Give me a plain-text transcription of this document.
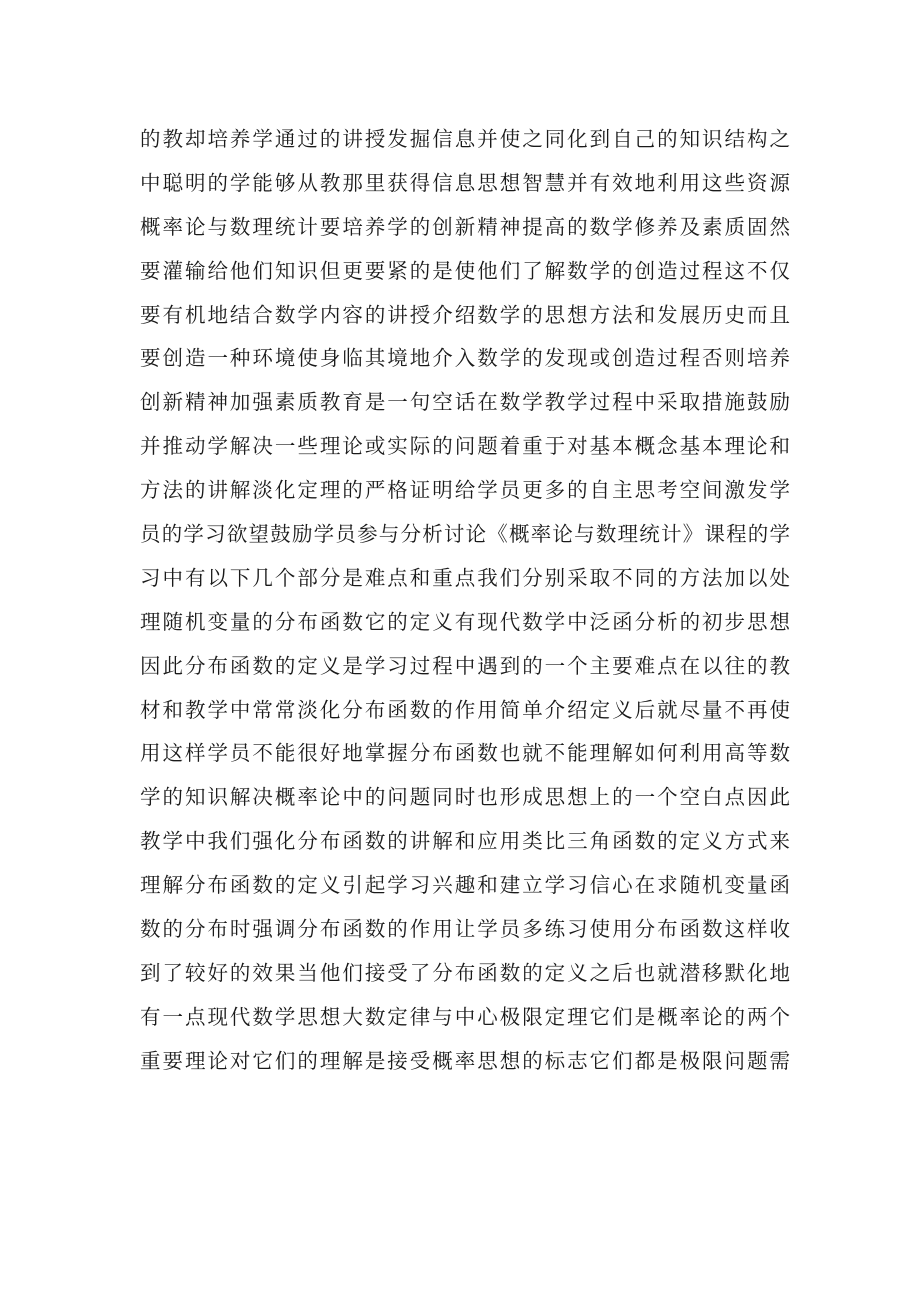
的教却培养学通过的讲授发掘信息并使之同化到自己的知识结构之
中聪明的学能够从教那里获得信息思想智慧并有效地利用这些资源
概率论与数理统计要培养学的创新精神提高的数学修养及素质固然
要灌输给他们知识但更要紧的是使他们了解数学的创造过程这不仅
要有机地结合数学内容的讲授介绍数学的思想方法和发展历史而且
要创造一种环境使身临其境地介入数学的发现或创造过程否则培养
创新精神加强素质教育是一句空话在数学教学过程中采取措施鼓励
并推动学解决一些理论或实际的问题着重于对基本概念基本理论和
方法的讲解淡化定理的严格证明给学员更多的自主思考空间激发学
员的学习欲望鼓励学员参与分析讨论《概率论与数理统计》课程的学
习中有以下几个部分是难点和重点我们分别采取不同的方法加以处
理随机变量的分布函数它的定义有现代数学中泛函分析的初步思想
因此分布函数的定义是学习过程中遇到的一个主要难点在以往的教
材和教学中常常淡化分布函数的作用简单介绍定义后就尽量不再使
用这样学员不能很好地掌握分布函数也就不能理解如何利用高等数
学的知识解决概率论中的问题同时也形成思想上的一个空白点因此
教学中我们强化分布函数的讲解和应用类比三角函数的定义方式来
理解分布函数的定义引起学习兴趣和建立学习信心在求随机变量函
数的分布时强调分布函数的作用让学员多练习使用分布函数这样收
到了较好的效果当他们接受了分布函数的定义之后也就潜移默化地
有一点现代数学思想大数定律与中心极限定理它们是概率论的两个
重要理论对它们的理解是接受概率思想的标志它们都是极限问题需
